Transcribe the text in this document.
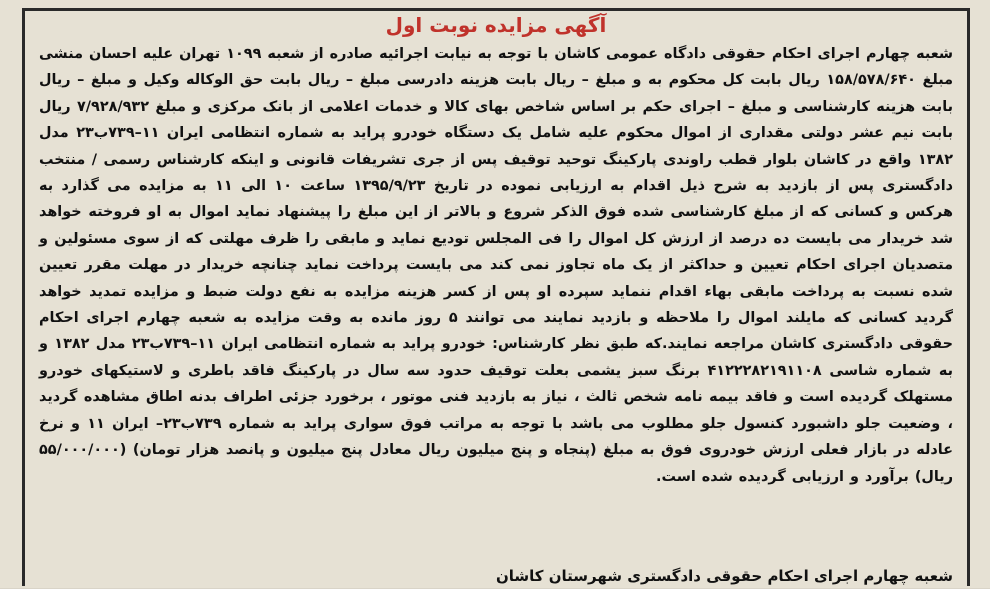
آگهی مزایده نوبت اول
شعبه چهارم اجرای احکام حقوقی دادگاه عمومی کاشان با توجه به نیابت اجرائیه صادره از شعبه ۱۰۹۹ تهران علیه احسان منشی مبلغ ۱۵۸/۵۷۸/۶۴۰ ریال بابت کل محکوم به و مبلغ – ریال بابت هزینه دادرسی مبلغ – ریال بابت حق الوکاله وکیل و مبلغ – ریال بابت هزینه کارشناسی و مبلغ – اجرای حکم بر اساس شاخص بهای کالا و خدمات اعلامی از بانک مرکزی و مبلغ ۷/۹۲۸/۹۳۲ ریال بابت نیم عشر دولتی مقداری از اموال محکوم علیه شامل یک دستگاه خودرو پراید به شماره انتظامی ایران ۱۱–۷۳۹ب۲۳ مدل ۱۳۸۲ واقع در کاشان بلوار قطب راوندی پارکینگ توحید توقیف پس از جری تشریفات قانونی و اینکه کارشناس رسمی / منتخب دادگستری پس از بازدید به شرح ذیل اقدام به ارزیابی نموده در تاریخ ۱۳۹۵/۹/۲۳ ساعت ۱۰ الی ۱۱ به مزایده می گذارد به هرکس و کسانی که از مبلغ کارشناسی شده فوق الذکر شروع و بالاتر از این مبلغ را پیشنهاد نماید اموال به او فروخته خواهد شد خریدار می بایست ده درصد از ارزش کل اموال را فی المجلس تودیع نماید و مابقی را ظرف مهلتی که از سوی مسئولین و متصدیان اجرای احکام تعیین و حداکثر از یک ماه تجاوز نمی کند می بایست پرداخت نماید چنانچه خریدار در مهلت مقرر تعیین شده نسبت به پرداخت مابقی بهاء اقدام ننماید سپرده او پس از کسر هزینه مزایده به نفع دولت ضبط و مزایده تمدید خواهد گردید کسانی که مایلند اموال را ملاحظه و بازدید نمایند می توانند ۵ روز مانده به وقت مزایده به شعبه چهارم اجرای احکام حقوقی دادگستری کاشان مراجعه نمایند.که طبق نظر کارشناس: خودرو پراید به شماره انتظامی ایران ۱۱–۷۳۹ب۲۳ مدل ۱۳۸۲ و به شماره شاسی ۴۱۲۲۲۸۲۱۹۱۱۰۸ برنگ سبز یشمی بعلت توقیف حدود سه سال در پارکینگ فاقد باطری و لاستیکهای خودرو مستهلک گردیده است و فاقد بیمه نامه شخص ثالث ، نیاز به بازدید فنی موتور ، برخورد جزئی اطراف بدنه اطاق مشاهده گردید ، وضعیت جلو داشبورد کنسول جلو مطلوب می باشد با توجه به مراتب فوق سواری پراید به شماره ۷۳۹ب۲۳– ایران ۱۱ و نرخ عادله در بازار فعلی ارزش خودروی فوق به مبلغ (پنجاه و پنج میلیون ریال معادل پنج میلیون و پانصد هزار تومان) (۵۵/۰۰۰/۰۰۰ ریال) برآورد و ارزیابی گردیده شده است.
شعبه چهارم اجرای احکام حقوقی دادگستری شهرستان کاشان
